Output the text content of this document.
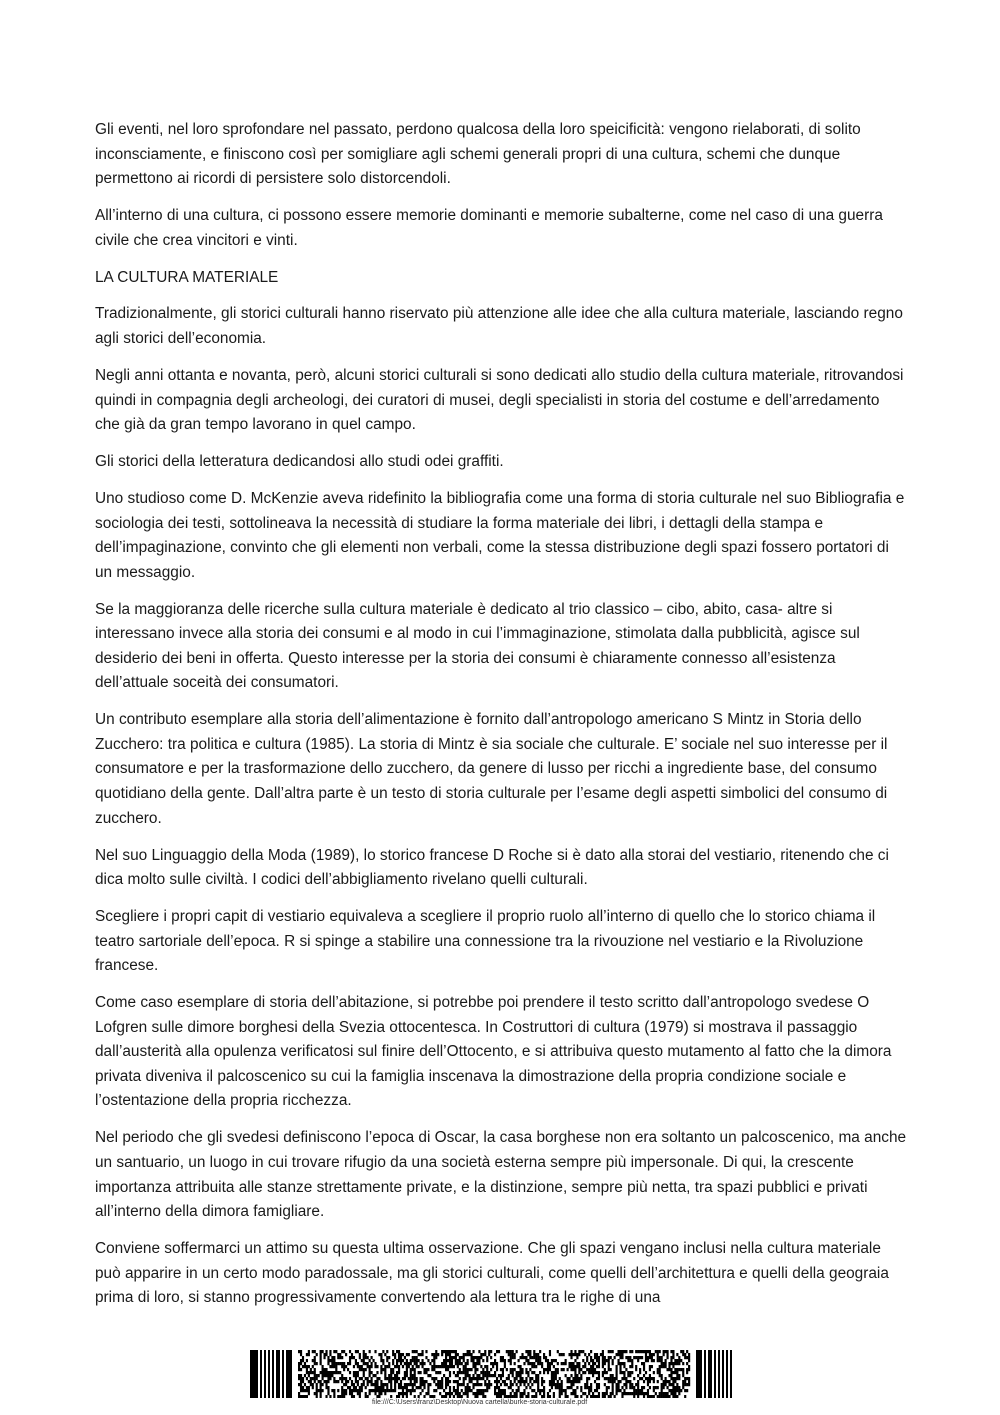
Gli eventi, nel loro sprofondare nel passato, perdono qualcosa della loro speicificità: vengono rielaborati, di solito inconsciamente, e finiscono così per somigliare agli schemi generali propri di una cultura, schemi che dunque permettono ai ricordi di persistere solo distorcendoli.

All’interno di una cultura, ci possono essere memorie dominanti e memorie subalterne, come nel caso di una guerra civile che crea vincitori e vinti.

LA CULTURA MATERIALE

Tradizionalmente, gli storici culturali hanno riservato più attenzione alle idee che alla cultura materiale, lasciando regno agli storici dell’economia.

Negli anni ottanta e novanta, però, alcuni storici culturali si sono dedicati allo studio della cultura materiale, ritrovandosi quindi in compagnia degli archeologi, dei curatori di musei, degli specialisti in storia del costume e dell’arredamento che già da gran tempo lavorano in quel campo.

Gli storici della letteratura dedicandosi allo studi odei graffiti.

Uno studioso come D. McKenzie aveva ridefinito la bibliografia come una forma di storia culturale nel suo Bibliografia e sociologia dei testi, sottolineava la necessità di studiare la forma materiale dei libri, i dettagli della stampa e dell’impaginazione, convinto che gli elementi non verbali, come la stessa distribuzione degli spazi fossero portatori di un messaggio.

Se la maggioranza delle ricerche sulla cultura materiale è dedicato al trio classico – cibo, abito, casa- altre si interessano invece alla storia dei consumi e al modo in cui l’immaginazione, stimolata dalla pubblicità, agisce sul desiderio dei beni in offerta. Questo interesse per la storia dei consumi è chiaramente connesso all’esistenza dell’attuale soceità dei consumatori.

Un contributo esemplare alla storia dell’alimentazione è fornito dall’antropologo americano S Mintz in Storia dello Zucchero: tra politica e cultura (1985). La storia di Mintz è sia sociale che culturale. E’ sociale nel suo interesse per il consumatore e per la trasformazione dello zucchero, da genere di lusso per ricchi a ingrediente base, del consumo quotidiano della gente. Dall’altra parte è un testo di storia culturale per l’esame degli aspetti simbolici del consumo di zucchero.

Nel suo Linguaggio della Moda (1989), lo storico francese D Roche si è dato alla storai del vestiario, ritenendo che ci dica molto sulle civiltà. I codici dell’abbigliamento rivelano quelli culturali.

Scegliere i propri capit di vestiario equivaleva a scegliere il proprio ruolo all’interno di quello che lo storico chiama il teatro sartoriale dell’epoca. R si spinge a stabilire una connessione tra la rivouzione nel vestiario e la Rivoluzione francese.

Come caso esemplare di storia dell’abitazione, si potrebbe poi prendere il testo scritto dall’antropologo svedese O Lofgren sulle dimore borghesi della Svezia ottocentesca. In Costruttori di cultura (1979) si mostrava il passaggio dall’austerità alla opulenza verificatosi sul finire dell’Ottocento, e si attribuiva questo mutamento al fatto che la dimora privata diveniva il palcoscenico su cui la famiglia inscenava la dimostrazione della propria condizione sociale e l’ostentazione della propria ricchezza.

Nel periodo che gli svedesi definiscono l’epoca di Oscar, la casa borghese non era soltanto un palcoscenico, ma anche un santuario, un luogo in cui trovare rifugio da una società esterna sempre più impersonale. Di qui, la crescente importanza attribuita alle stanze strettamente private, e la distinzione, sempre più netta, tra spazi pubblici e privati all’interno della dimora famigliare.

Conviene soffermarci un attimo su questa ultima osservazione. Che gli spazi vengano inclusi nella cultura materiale può apparire in un certo modo paradossale, ma gli storici culturali, come quelli dell’architettura e quelli della geograia prima di loro, si stanno progressivamente convertendo ala lettura tra le righe di una

file:///C:\Users\franz\Desktop\Nuova cartella\burke-storia-culturale.pdf
